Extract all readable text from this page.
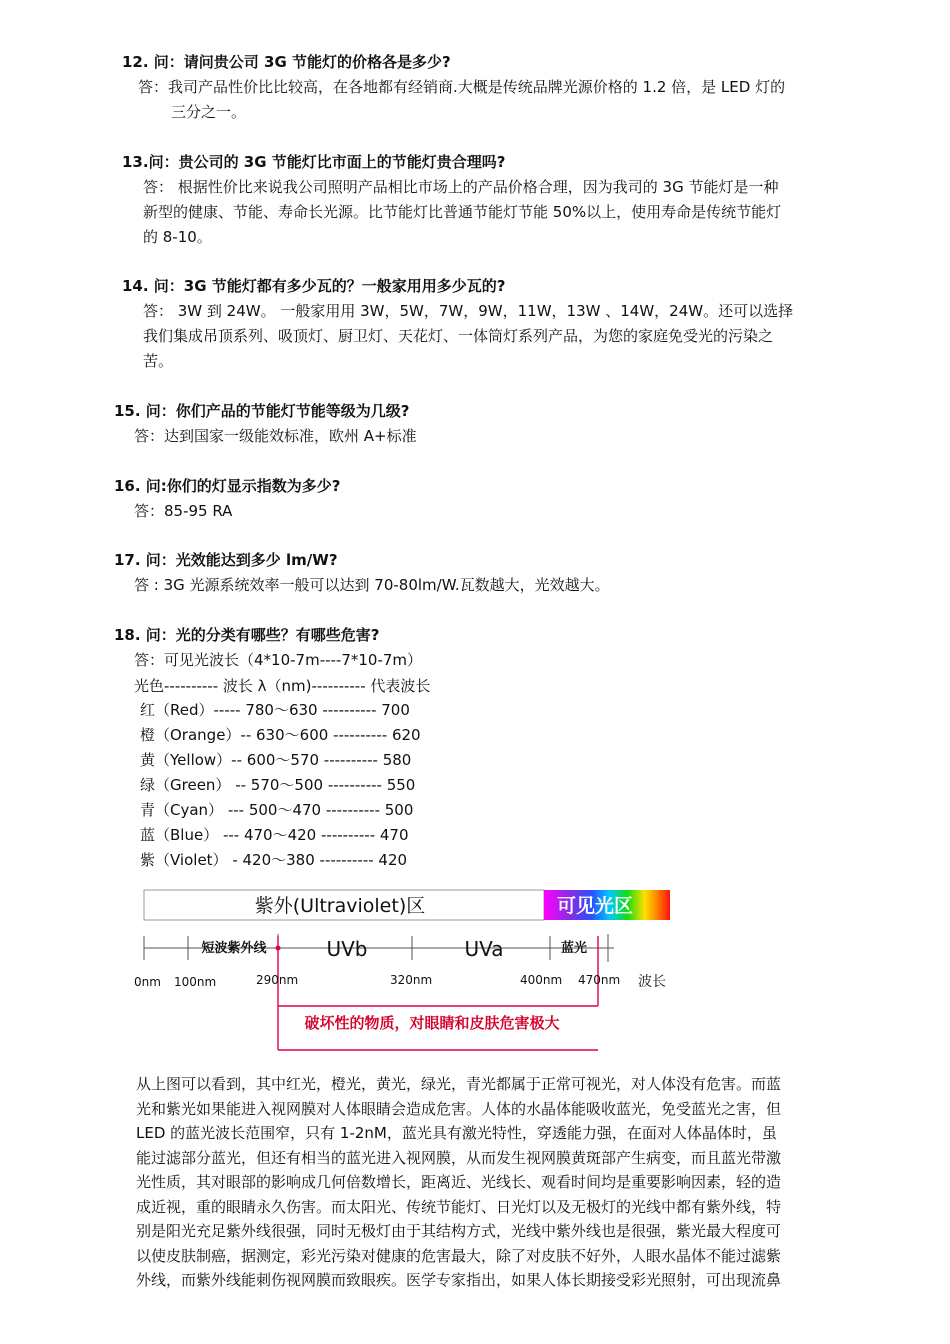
12. 问：请问贵公司 3G 节能灯的价格各是多少?
答：我司产品性价比比较高，在各地都有经销商.大概是传统品牌光源价格的 1.2 倍，是 LED 灯的
三分之一。
13.问：贵公司的 3G 节能灯比市面上的节能灯贵合理吗?
答： 根据性价比来说我公司照明产品相比市场上的产品价格合理，因为我司的 3G 节能灯是一种
新型的健康、节能、寿命长光源。比节能灯比普通节能灯节能 50%以上，使用寿命是传统节能灯
的 8-10。
14. 问：3G 节能灯都有多少瓦的？一般家用用多少瓦的?
答： 3W 到 24W。 一般家用用 3W，5W，7W，9W，11W，13W 、14W，24W。还可以选择
我们集成吊顶系列、吸顶灯、厨卫灯、天花灯、一体筒灯系列产品，为您的家庭免受光的污染之
苦。
15. 问：你们产品的节能灯节能等级为几级?
答：达到国家一级能效标准，欧州 A+标准
16. 问:你们的灯显示指数为多少?
答：85-95 RA
17. 问：光效能达到多少 lm/W?
答 : 3G 光源系统效率一般可以达到 70-80lm/W.瓦数越大，光效越大。
18. 问：光的分类有哪些？有哪些危害?
答：可见光波长（4*10-7m----7*10-7m）
光色---------- 波长 λ（nm)---------- 代表波长
红（Red）----- 780～630 ---------- 700
橙（Orange）-- 630～600 ---------- 620
黄（Yellow）-- 600～570 ---------- 580
绿（Green） -- 570～500 ---------- 550
青（Cyan） --- 500～470 ---------- 500
蓝（Blue） --- 470～420 ---------- 470
紫（Violet） - 420～380 ---------- 420
紫外(Ultraviolet)区	可见光区
短波紫外线	UVb	UVa	蓝光
0nm 100nm	290nm	320nm	400nm 470nm 波长
破坏性的物质，对眼睛和皮肤危害极大
从上图可以看到，其中红光，橙光，黄光，绿光，青光都属于正常可视光，对人体没有危害。而蓝
光和紫光如果能进入视网膜对人体眼睛会造成危害。人体的水晶体能吸收蓝光，免受蓝光之害，但
LED 的蓝光波长范围窄，只有 1-2nM，蓝光具有激光特性，穿透能力强，在面对人体晶体时，虽
能过滤部分蓝光，但还有相当的蓝光进入视网膜，从而发生视网膜黄斑部产生病变，而且蓝光带激
光性质，其对眼部的影响成几何倍数增长，距离近、光线长、观看时间均是重要影响因素，轻的造
成近视，重的眼睛永久伤害。而太阳光、传统节能灯、日光灯以及无极灯的光线中都有紫外线，特
别是阳光充足紫外线很强，同时无极灯由于其结构方式，光线中紫外线也是很强，紫光最大程度可
以使皮肤制癌，据测定，彩光污染对健康的危害最大，除了对皮肤不好外，人眼水晶体不能过滤紫
外线，而紫外线能刺伤视网膜而致眼疾。医学专家指出，如果人体长期接受彩光照射，可出现流鼻
